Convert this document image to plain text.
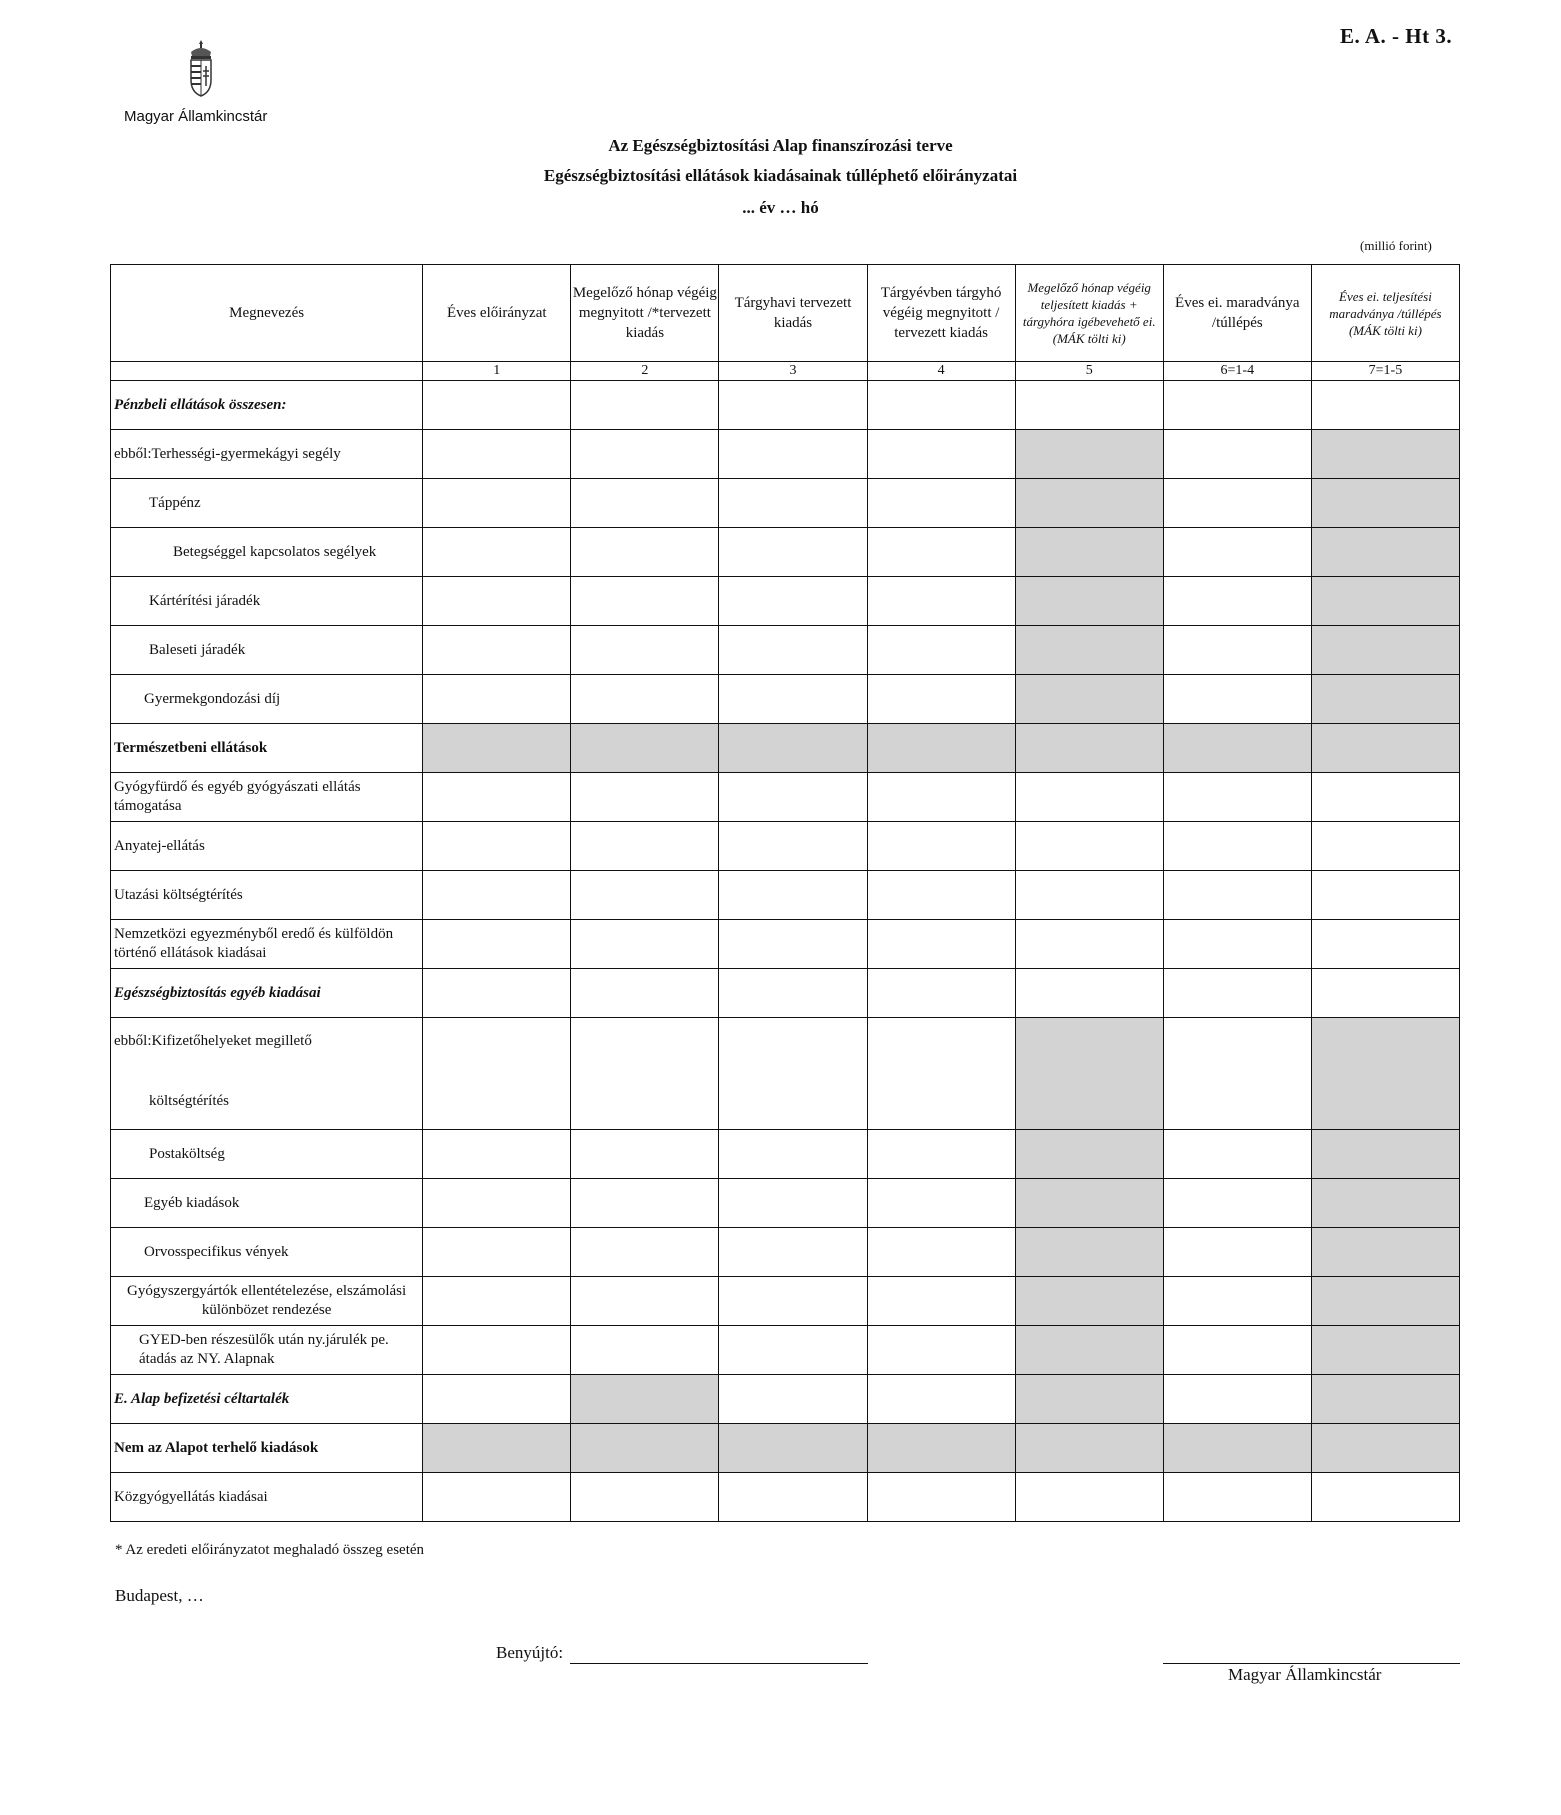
Magyar Államkincstár
E. A. - Ht 3.
Az Egészségbiztosítási Alap finanszírozási terve
Egészségbiztosítási ellátások kiadásainak túlléphető előirányzatai
... év … hó
(millió forint)
Megnevezés	Éves előirányzat	Megelőző hónap végéig megnyitott /*tervezett kiadás	Tárgyhavi tervezett kiadás	Tárgyévben tárgyhó végéig megnyitott / tervezett kiadás	Megelőző hónap végéig teljesített kiadás + tárgyhóra igébevehető ei. (MÁK tölti ki)	Éves ei. maradványa /túllépés	Éves ei. teljesítési maradványa /túllépés (MÁK tölti ki)
	1	2	3	4	5	6=1-4	7=1-5
Pénzbeli ellátások összesen:							
ebből:Terhességi-gyermekágyi segély							
Táppénz							
Betegséggel kapcsolatos segélyek							
Kártérítési járadék							
Baleseti járadék							
Gyermekgondozási díj							
Természetbeni ellátások							
Gyógyfürdő és egyéb gyógyászati ellátás támogatása							
Anyatej-ellátás							
Utazási költségtérítés							
Nemzetközi egyezményből eredő és külföldön történő ellátások kiadásai							
Egészségbiztosítás egyéb kiadásai							
ebből:Kifizetőhelyeket megillető
költségtérítés							

Postaköltség							
Egyéb kiadások							
Orvosspecifikus vények							
Gyógyszergyártók ellentételezése, elszámolási különbözet rendezése							
GYED-ben részesülők után ny.járulék pe. átadás az NY. Alapnak							
E. Alap befizetési céltartalék							
Nem az Alapot terhelő kiadások							
Közgyógyellátás kiadásai							
* Az eredeti előirányzatot meghaladó összeg esetén
Budapest, …
Benyújtó:
Magyar Államkincstár
